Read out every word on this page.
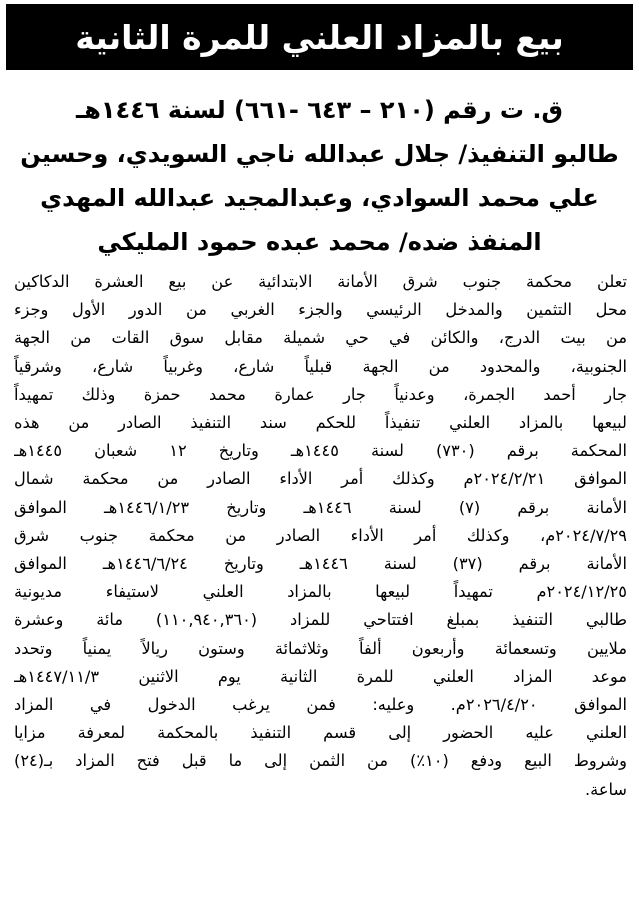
بيع بالمزاد العلني للمرة الثانية
ق. ت رقم (٢١٠ – ٦٤٣ -٦٦١) لسنة ١٤٤٦هـ
طالبو التنفيذ/ جلال عبدالله ناجي السويدي، وحسين
علي محمد السوادي، وعبدالمجيد عبدالله المهدي
المنفذ ضده/ محمد عبده حمود المليكي
تعلن محكمة جنوب شرق الأمانة الابتدائية عن بيع العشرة الدكاكين
محل التثمين والمدخل الرئيسي والجزء الغربي من الدور الأول وجزء
من بيت الدرج، والكائن في حي شميلة مقابل سوق القات من الجهة
الجنوبية، والمحدود من الجهة قبلياً شارع، وغربياً شارع، وشرقياً
جار أحمد الجمرة، وعدنياً جار عمارة محمد حمزة وذلك تمهيداً
لبيعها بالمزاد العلني تنفيذاً للحكم سند التنفيذ الصادر من هذه
المحكمة برقم (٧٣٠) لسنة ١٤٤٥هـ وتاريخ ١٢ شعبان ١٤٤٥هـ
الموافق ٢٠٢٤/٢/٢١م وكذلك أمر الأداء الصادر من محكمة شمال
الأمانة برقم (٧) لسنة ١٤٤٦هـ وتاريخ ١٤٤٦/١/٢٣هـ الموافق
٢٠٢٤/٧/٢٩م، وكذلك أمر الأداء الصادر من محكمة جنوب شرق
الأمانة برقم (٣٧) لسنة ١٤٤٦هـ وتاريخ ١٤٤٦/٦/٢٤هـ الموافق
٢٠٢٤/١٢/٢٥م تمهيداً لبيعها بالمزاد العلني لاستيفاء مديونية
طالبي التنفيذ بمبلغ افتتاحي للمزاد (١١٠,٩٤٠,٣٦٠) مائة وعشرة
ملايين وتسعمائة وأربعون ألفاً وثلاثمائة وستون ريالاً يمنياً وتحدد
موعد المزاد العلني للمرة الثانية يوم الاثنين ١٤٤٧/١١/٣هـ
الموافق ٢٠٢٦/٤/٢٠م. وعليه: فمن يرغب الدخول في المزاد
العلني عليه الحضور إلى قسم التنفيذ بالمحكمة لمعرفة مزايا
وشروط البيع ودفع (١٠٪) من الثمن إلى ما قبل فتح المزاد بـ(٢٤)
ساعة.
